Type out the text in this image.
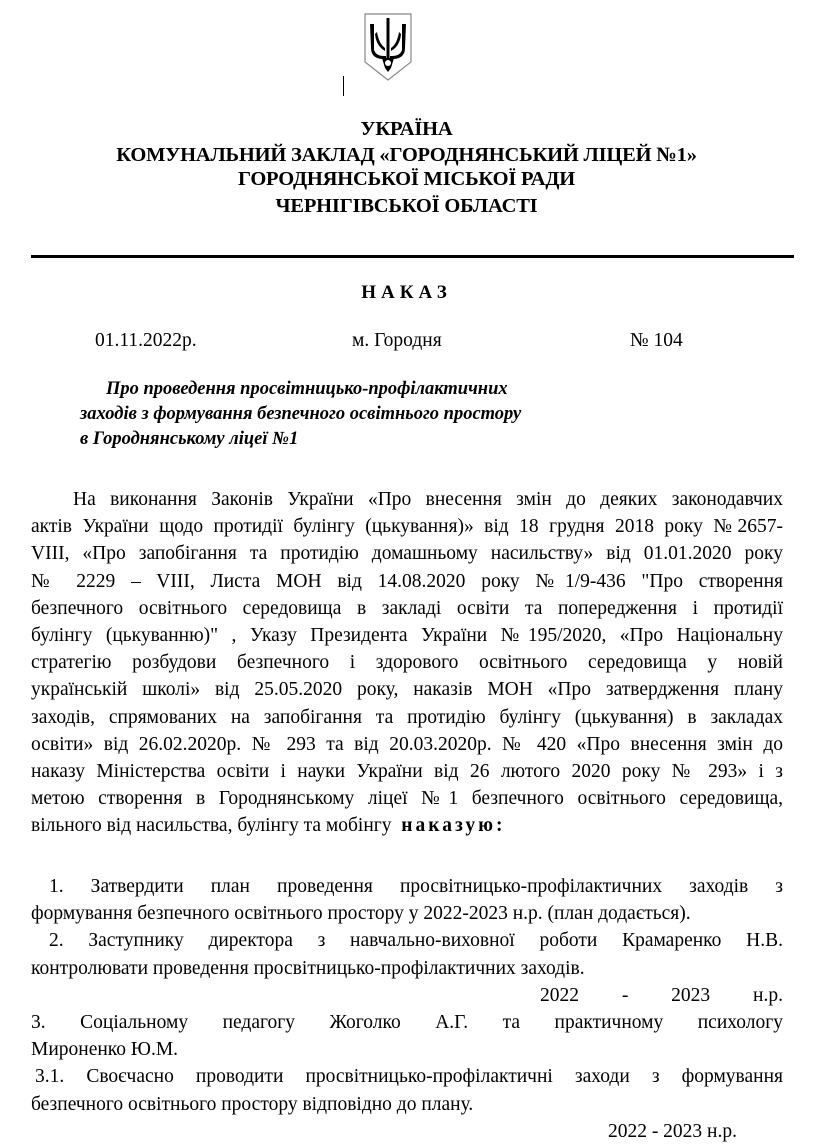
УКРАЇНА
КОМУНАЛЬНИЙ ЗАКЛАД «ГОРОДНЯНСЬКИЙ ЛІЦЕЙ №1»
ГОРОДНЯНСЬКОЇ МІСЬКОЇ РАДИ
ЧЕРНІГІВСЬКОЇ ОБЛАСТІ
НАКАЗ
01.11.2022р.	м. Городня	№ 104
Про проведення просвітницько-профілактичних
заходів з формування безпечного освітнього простору
в Городнянському ліцеї №1
На виконання Законів України «Про внесення змін до деяких законодавчих
актів України щодо протидії булінгу (цькування)» від 18 грудня 2018 року №2657-
VIII, «Про запобігання та протидію домашньому насильству» від 01.01.2020 року
№ 2229 – VIII, Листа МОН від 14.08.2020 року №1/9-436 "Про створення
безпечного освітнього середовища в закладі освіти та попередження і протидії
булінгу (цькуванню)" , Указу Президента України №195/2020, «Про Національну
стратегію розбудови безпечного і здорового освітнього середовища у новій
українській школі» від 25.05.2020 року, наказів МОН «Про затвердження плану
заходів, спрямованих на запобігання та протидію булінгу (цькування) в закладах
освіти» від 26.02.2020р. № 293 та від 20.03.2020р. № 420 «Про внесення змін до
наказу Міністерства освіти і науки України від 26 лютого 2020 року № 293» і з
метою створення в Городнянському ліцеї №1 безпечного освітнього середовища,
вільного від насильства, булінгу та мобінгу наказую:
1. Затвердити план проведення просвітницько-профілактичних заходів з
формування безпечного освітнього простору у 2022-2023 н.р. (план додається).
2. Заступнику директора з навчально-виховної роботи Крамаренко Н.В.
контролювати проведення просвітницько-профілактичних заходів.
2022 - 2023 н.р.
3. Соціальному педагогу Жоголко А.Г. та практичному психологу
Мироненко Ю.М.
3.1. Своєчасно проводити просвітницько-профілактичні заходи з формування
безпечного освітнього простору відповідно до плану.
2022 - 2023 н.р.
